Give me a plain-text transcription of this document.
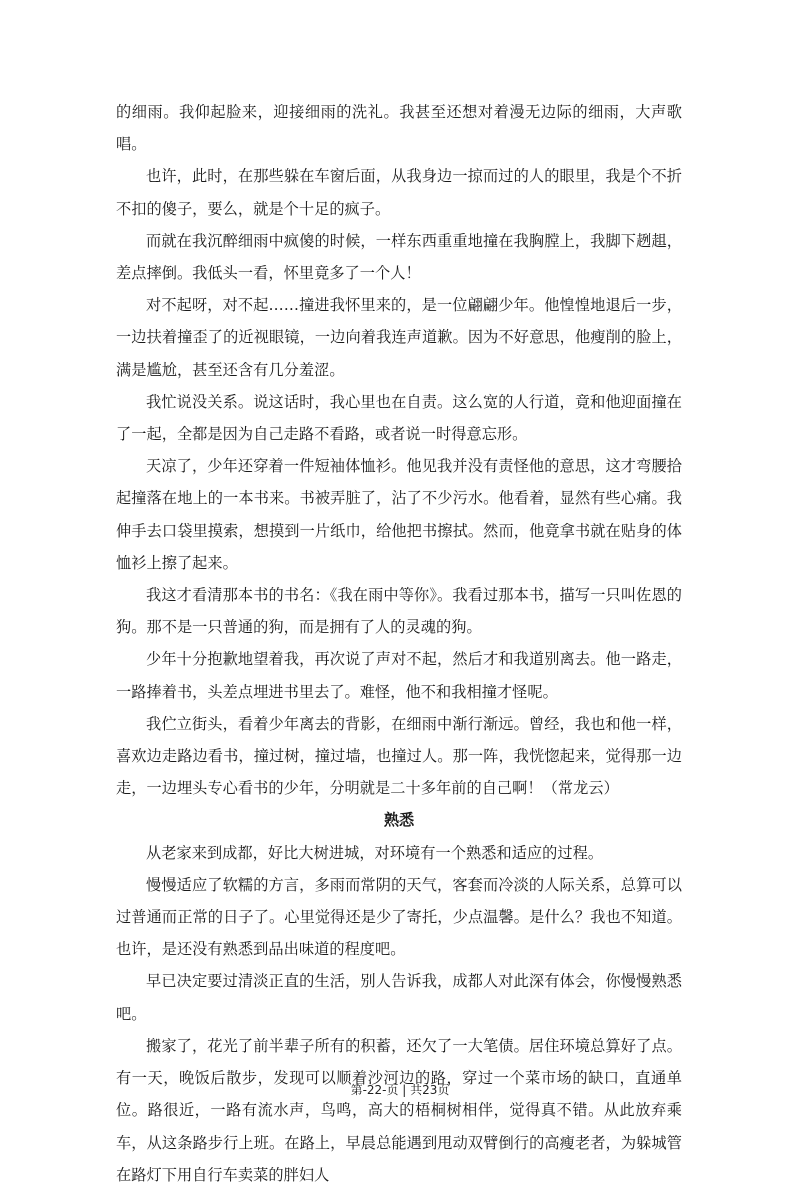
的细雨。我仰起脸来，迎接细雨的洗礼。我甚至还想对着漫无边际的细雨，大声歌唱。

也许，此时，在那些躲在车窗后面，从我身边一掠而过的人的眼里，我是个不折不扣的傻子，要么，就是个十足的疯子。

而就在我沉醉细雨中疯傻的时候，一样东西重重地撞在我胸膛上，我脚下趔趄，差点摔倒。我低头一看，怀里竟多了一个人！

对不起呀，对不起……撞进我怀里来的，是一位翩翩少年。他惶惶地退后一步，一边扶着撞歪了的近视眼镜，一边向着我连声道歉。因为不好意思，他瘦削的脸上，满是尴尬，甚至还含有几分羞涩。

我忙说没关系。说这话时，我心里也在自责。这么宽的人行道，竟和他迎面撞在了一起，全都是因为自己走路不看路，或者说一时得意忘形。

天凉了，少年还穿着一件短袖体恤衫。他见我并没有责怪他的意思，这才弯腰拾起撞落在地上的一本书来。书被弄脏了，沾了不少污水。他看着，显然有些心痛。我伸手去口袋里摸索，想摸到一片纸巾，给他把书擦拭。然而，他竟拿书就在贴身的体恤衫上擦了起来。

我这才看清那本书的书名：《我在雨中等你》。我看过那本书，描写一只叫佐恩的狗。那不是一只普通的狗，而是拥有了人的灵魂的狗。

少年十分抱歉地望着我，再次说了声对不起，然后才和我道别离去。他一路走，一路捧着书，头差点埋进书里去了。难怪，他不和我相撞才怪呢。

我伫立街头，看着少年离去的背影，在细雨中渐行渐远。曾经，我也和他一样，喜欢边走路边看书，撞过树，撞过墙，也撞过人。那一阵，我恍惚起来，觉得那一边走，一边埋头专心看书的少年，分明就是二十多年前的自己啊！（常龙云）

熟悉

从老家来到成都，好比大树进城，对环境有一个熟悉和适应的过程。

慢慢适应了软糯的方言，多雨而常阴的天气，客套而冷淡的人际关系，总算可以过普通而正常的日子了。心里觉得还是少了寄托，少点温馨。是什么？我也不知道。也许，是还没有熟悉到品出味道的程度吧。

早已决定要过清淡正直的生活，别人告诉我，成都人对此深有体会，你慢慢熟悉吧。

搬家了，花光了前半辈子所有的积蓄，还欠了一大笔债。居住环境总算好了点。有一天，晚饭后散步，发现可以顺着沙河边的路，穿过一个菜市场的缺口，直通单位。路很近，一路有流水声，鸟鸣，高大的梧桐树相伴，觉得真不错。从此放弃乘车，从这条路步行上班。在路上，早晨总能遇到甩动双臂倒行的高瘦老者，为躲城管在路灯下用自行车卖菜的胖妇人

第-22-页 | 共23页
